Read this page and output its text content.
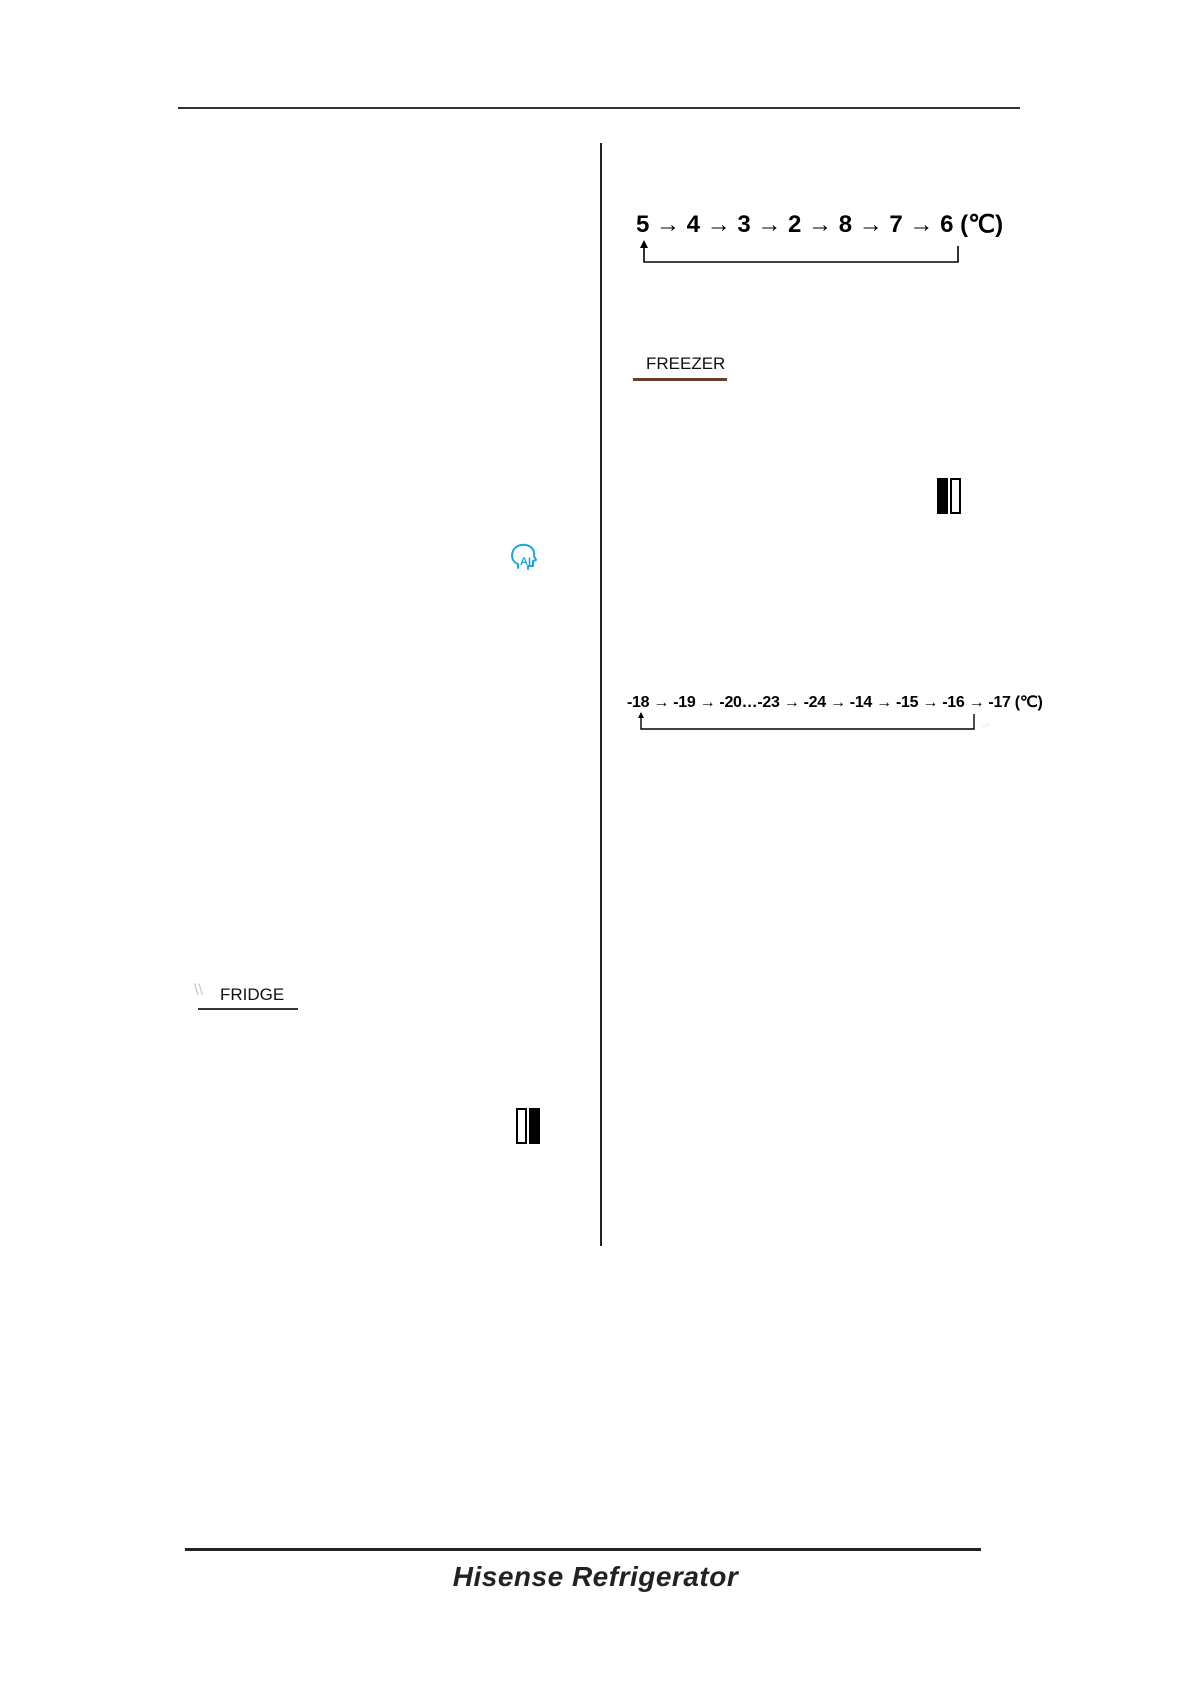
AI
\\ FRIDGE
5 → 4 → 3 → 2 → 8 → 7 → 6 (℃)
FREEZER
-18 → -19 → -20…-23 → -24 → -14 → -15 → -16 → -17 (℃)
◦◦
Hisense Refrigerator
